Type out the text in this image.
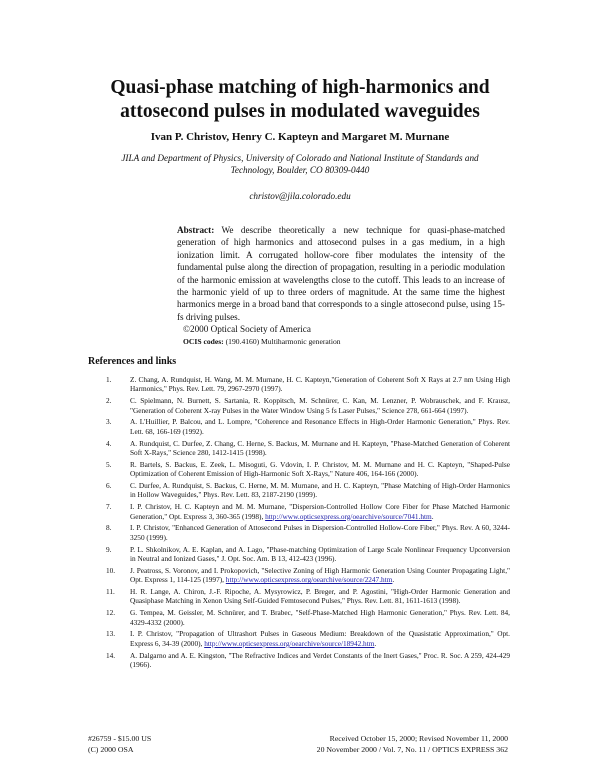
Quasi-phase matching of high-harmonics and
attosecond pulses in modulated waveguides
Ivan P. Christov, Henry C. Kapteyn and Margaret M. Murnane
JILA and Department of Physics, University of Colorado and National Institute of Standards and
Technology, Boulder, CO 80309-0440
christov@jila.colorado.edu

Abstract: We describe theoretically a new technique for quasi-phase-matched generation of high harmonics and attosecond pulses in a gas medium, in a high ionization limit. A corrugated hollow-core fiber modulates the intensity of the fundamental pulse along the direction of propagation, resulting in a periodic modulation of the harmonic emission at wavelengths close to the cutoff. This leads to an increase of the harmonic yield of up to three orders of magnitude. At the same time the highest harmonics merge in a broad band that corresponds to a single attosecond pulse, using 15-fs driving pulses.

©2000 Optical Society of America

OCIS codes: (190.4160) Multiharmonic generation

References and links
1.	Z. Chang, A. Rundquist, H. Wang, M. M. Murnane, H. C. Kapteyn,"Generation of Coherent Soft X Rays at 2.7 nm Using High Harmonics," Phys. Rev. Lett. 79, 2967-2970 (1997).
2.	C. Spielmann, N. Burnett, S. Sartania, R. Koppitsch, M. Schnürer, C. Kan, M. Lenzner, P. Wobrauschek, and F. Krausz, "Generation of Coherent X-ray Pulses in the Water Window Using 5 fs Laser Pulses," Science 278, 661-664 (1997).
3.	A. L'Huillier, P. Balcou, and L. Lompre, "Coherence and Resonance Effects in High-Order Harmonic Generation," Phys. Rev. Lett. 68, 166-169 (1992).
4.	A. Rundquist, C. Durfee, Z. Chang, C. Herne, S. Backus, M. Murnane and H. Kapteyn, "Phase-Matched Generation of Coherent Soft X-Rays," Science 280, 1412-1415 (1998).
5.	R. Bartels, S. Backus, E. Zeek, L. Misoguti, G. Vdovin, I. P. Christov, M. M. Murnane and H. C. Kapteyn, "Shaped-Pulse Optimization of Coherent Emission of High-Harmonic Soft X-Rays," Nature 406, 164-166 (2000).
6.	C. Durfee, A. Rundquist, S. Backus, C. Herne, M. M. Murnane, and H. C. Kapteyn, "Phase Matching of High-Order Harmonics in Hollow Waveguides," Phys. Rev. Lett. 83, 2187-2190 (1999).
7.	I. P. Christov, H. C. Kapteyn and M. M. Murnane, "Dispersion-Controlled Hollow Core Fiber for Phase Matched Harmonic Generation," Opt. Express 3, 360-365 (1998), http://www.opticsexpress.org/oearchive/source/7041.htm.
8.	I. P. Christov, "Enhanced Generation of Attosecond Pulses in Dispersion-Controlled Hollow-Core Fiber," Phys. Rev. A 60, 3244-3250 (1999).
9.	P. L. Shkolnikov, A. E. Kaplan, and A. Lago, "Phase-matching Optimization of Large Scale Nonlinear Frequency Upconversion in Neutral and Ionized Gases," J. Opt. Soc. Am. B 13, 412-423 (1996).
10.	J. Peatross, S. Voronov, and I. Prokopovich, "Selective Zoning of High Harmonic Generation Using Counter Propagating Light," Opt. Express 1, 114-125 (1997), http://www.opticsexpress.org/oearchive/source/2247.htm.
11.	H. R. Lange, A. Chiron, J.-F. Ripoche, A. Mysyrowicz, P. Breger, and P. Agostini, "High-Order Harmonic Generation and Quasiphase Matching in Xenon Using Self-Guided Femtosecond Pulses," Phys. Rev. Lett. 81, 1611-1613 (1998).
12.	G. Tempea, M. Geissler, M. Schnürer, and T. Brabec, "Self-Phase-Matched High Harmonic Generation," Phys. Rev. Lett. 84, 4329-4332 (2000).
13.	I. P. Christov, "Propagation of Ultrashort Pulses in Gaseous Medium: Breakdown of the Quasistatic Approximation," Opt. Express 6, 34-39 (2000), http://www.opticsexpress.org/oearchive/source/18942.htm.
14.	A. Dalgarno and A. E. Kingston, "The Refractive Indices and Verdet Constants of the Inert Gases," Proc. R. Soc. A 259, 424-429 (1966).
#26759 - $15.00 US
(C) 2000 OSA
Received October 15, 2000; Revised November 11, 2000
20 November 2000 / Vol. 7, No. 11 / OPTICS EXPRESS 362
